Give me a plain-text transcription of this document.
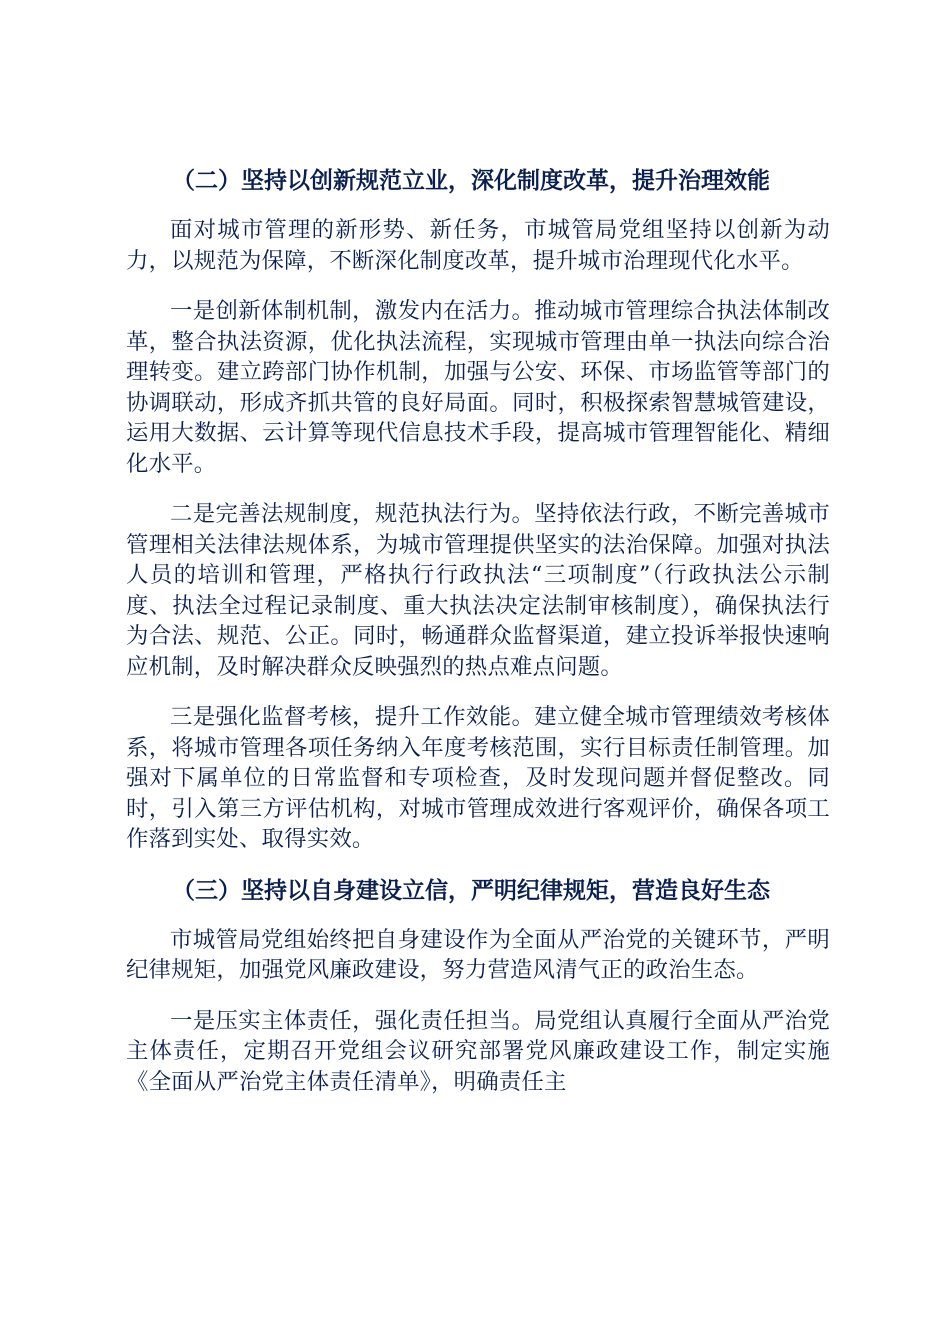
（二）坚持以创新规范立业，深化制度改革，提升治理效能

面对城市管理的新形势、新任务，市城管局党组坚持以创新为动力，以规范为保障，不断深化制度改革，提升城市治理现代化水平。

一是创新体制机制，激发内在活力。推动城市管理综合执法体制改革，整合执法资源，优化执法流程，实现城市管理由单一执法向综合治理转变。建立跨部门协作机制，加强与公安、环保、市场监管等部门的协调联动，形成齐抓共管的良好局面。同时，积极探索智慧城管建设，运用大数据、云计算等现代信息技术手段，提高城市管理智能化、精细化水平。

二是完善法规制度，规范执法行为。坚持依法行政，不断完善城市管理相关法律法规体系，为城市管理提供坚实的法治保障。加强对执法人员的培训和管理，严格执行行政执法“三项制度”（行政执法公示制度、执法全过程记录制度、重大执法决定法制审核制度），确保执法行为合法、规范、公正。同时，畅通群众监督渠道，建立投诉举报快速响应机制，及时解决群众反映强烈的热点难点问题。

三是强化监督考核，提升工作效能。建立健全城市管理绩效考核体系，将城市管理各项任务纳入年度考核范围，实行目标责任制管理。加强对下属单位的日常监督和专项检查，及时发现问题并督促整改。同时，引入第三方评估机构，对城市管理成效进行客观评价，确保各项工作落到实处、取得实效。

（三）坚持以自身建设立信，严明纪律规矩，营造良好生态

市城管局党组始终把自身建设作为全面从严治党的关键环节，严明纪律规矩，加强党风廉政建设，努力营造风清气正的政治生态。

一是压实主体责任，强化责任担当。局党组认真履行全面从严治党主体责任，定期召开党组会议研究部署党风廉政建设工作，制定实施《全面从严治党主体责任清单》，明确责任主
